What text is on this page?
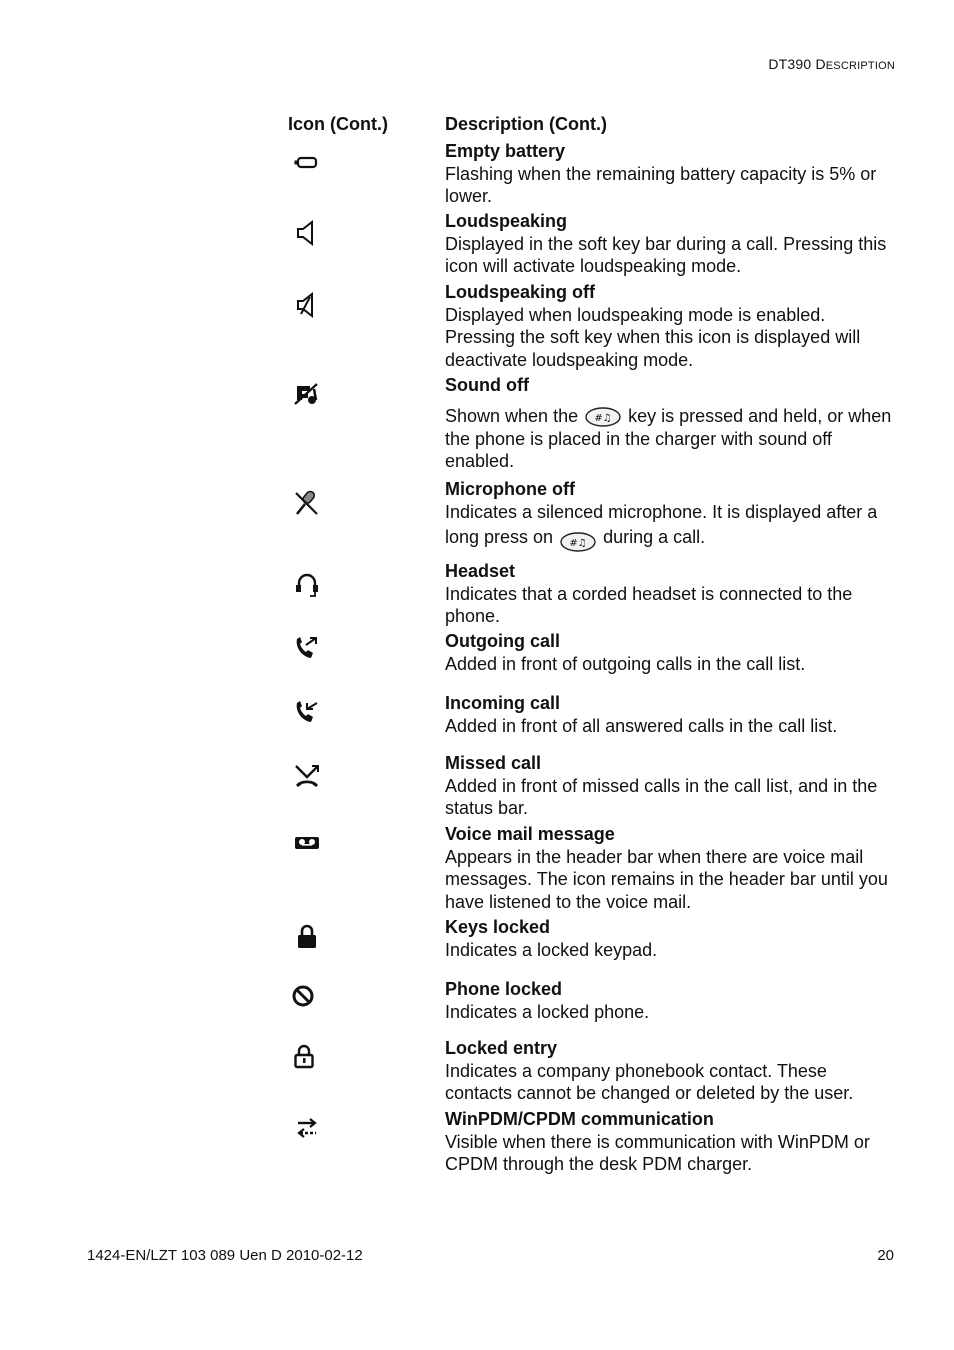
DT390 DESCRIPTION
Icon (Cont.)	Description (Cont.)
Empty battery
Flashing when the remaining battery capacity is 5% or lower.
Loudspeaking
Displayed in the soft key bar during a call. Pressing this icon will activate loudspeaking mode.
Loudspeaking off
Displayed when loudspeaking mode is enabled. Pressing the soft key when this icon is displayed will deactivate loudspeaking mode.
Sound off
Shown when the #♫ key is pressed and held, or when the phone is placed in the charger with sound off enabled.
Microphone off
Indicates a silenced microphone. It is displayed after a long press on #♫ during a call.
Headset
Indicates that a corded headset is connected to the phone.
Outgoing call
Added in front of outgoing calls in the call list.
Incoming call
Added in front of all answered calls in the call list.
Missed call
Added in front of missed calls in the call list, and in the status bar.
Voice mail message
Appears in the header bar when there are voice mail messages. The icon remains in the header bar until you have listened to the voice mail.
Keys locked
Indicates a locked keypad.
Phone locked
Indicates a locked phone.
Locked entry
Indicates a company phonebook contact. These contacts cannot be changed or deleted by the user.
WinPDM/CPDM communication
Visible when there is communication with WinPDM or CPDM through the desk PDM charger.
1424-EN/LZT 103 089 Uen D 2010-02-12	20
